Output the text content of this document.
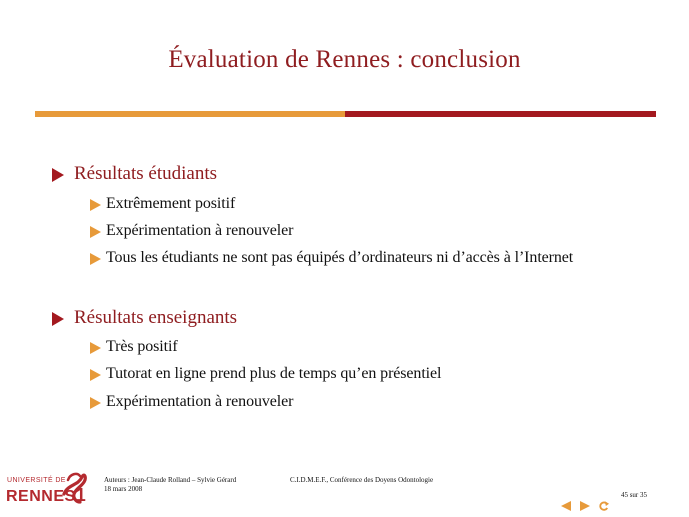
Évaluation de Rennes : conclusion
Résultats étudiants
Extrêmement positif
Expérimentation à renouveler
Tous les étudiants ne sont pas équipés d’ordinateurs ni d’accès à l’Internet
Résultats enseignants
Très positif
Tutorat en ligne prend plus de temps qu’en présentiel
Expérimentation à renouveler
UNIVERSITÉ DE
RENNES1
Auteurs : Jean-Claude Rolland – Sylvie Gérard
18 mars 2008
C.I.D.M.E.F., Conférence des Doyens Odontologie
45 sur 35
